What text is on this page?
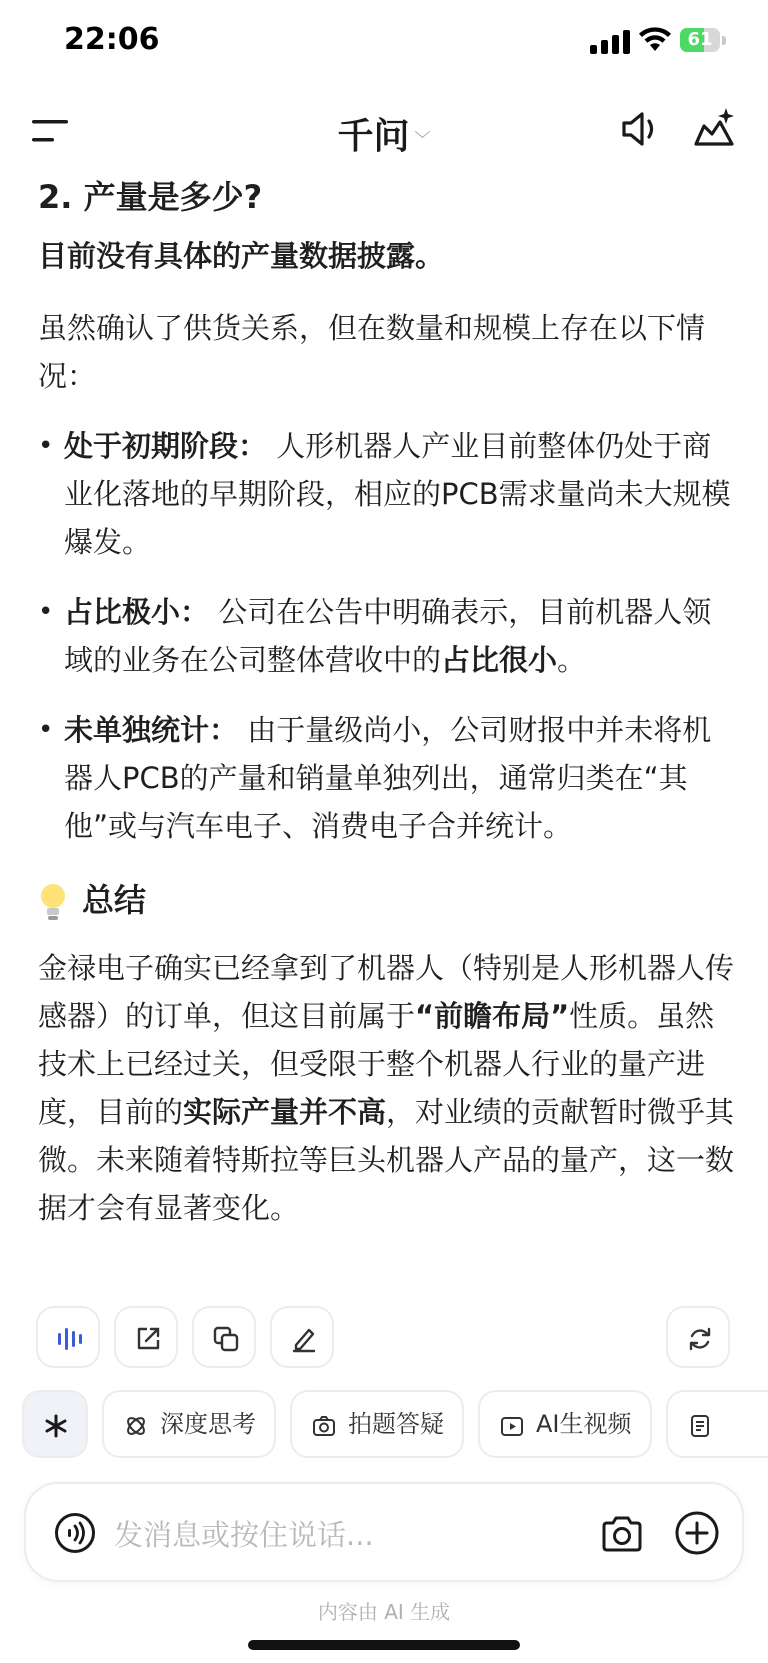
22:06	61
千问 ﹀
2. 产量是多少?

目前没有具体的产量数据披露。

虽然确认了供货关系，但在数量和规模上存在以下情况：

• 处于初期阶段： 人形机器人产业目前整体仍处于商业化落地的早期阶段，相应的PCB需求量尚未大规模爆发。
• 占比极小： 公司在公告中明确表示，目前机器人领域的业务在公司整体营收中的占比很小。
• 未单独统计： 由于量级尚小，公司财报中并未将机器人PCB的产量和销量单独列出，通常归类在“其他”或与汽车电子、消费电子合并统计。
总结

金禄电子确实已经拿到了机器人（特别是人形机器人传感器）的订单，但这目前属于“前瞻布局”性质。虽然技术上已经过关，但受限于整个机器人行业的量产进度，目前的实际产量并不高，对业绩的贡献暂时微乎其微。未来随着特斯拉等巨头机器人产品的量产，这一数据才会有显著变化。

深度思考	拍题答疑	AI生视频
发消息或按住说话...
内容由 AI 生成
